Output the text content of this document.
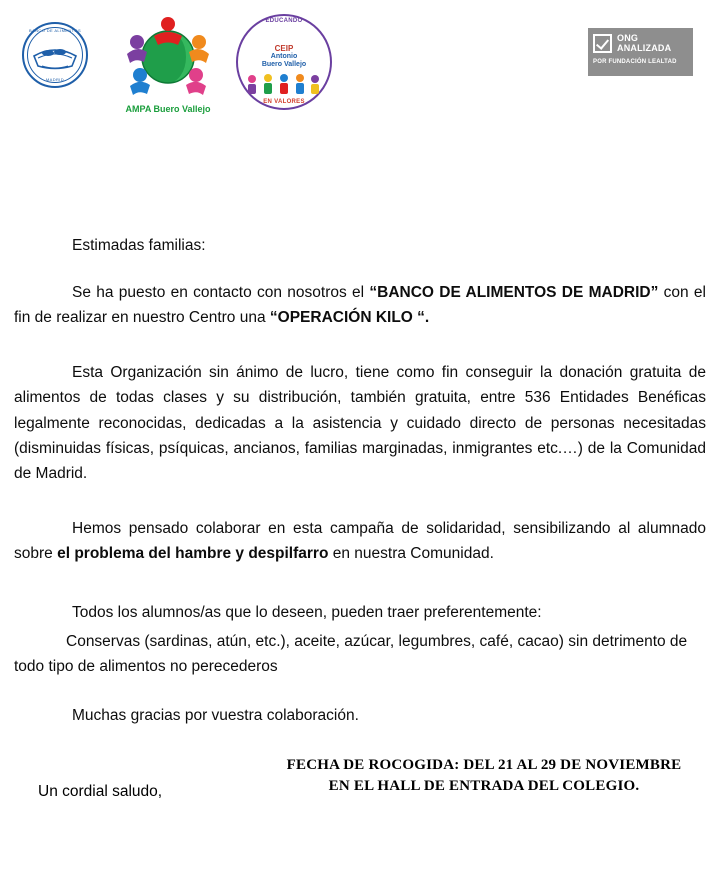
BANCO DE ALIMENTOS
MADRID
AMPA Buero Vallejo
EDUCANDO
CEIP
Antonio
Buero Vallejo
EN VALORES
ONG
ANALIZADA
POR FUNDACIÓN LEALTAD

Estimadas familias:

Se ha puesto en contacto con nosotros el “BANCO DE ALIMENTOS DE MADRID” con el fin de realizar en nuestro Centro una “OPERACIÓN KILO “.

Esta Organización sin ánimo de lucro, tiene como fin conseguir la donación gratuita de alimentos de todas clases y su distribución, también gratuita, entre 536 Entidades Benéficas legalmente reconocidas, dedicadas a la asistencia y cuidado directo de personas necesitadas (disminuidas físicas, psíquicas, ancianos, familias marginadas, inmigrantes etc.…) de la Comunidad de Madrid.

Hemos pensado colaborar en esta campaña de solidaridad, sensibilizando al alumnado sobre el problema del hambre y despilfarro en nuestra Comunidad.

Todos los alumnos/as que lo deseen, pueden traer preferentemente:

Conservas (sardinas, atún, etc.), aceite, azúcar, legumbres, café, cacao) sin detrimento de todo tipo de alimentos no perecederos

Muchas gracias por vuestra colaboración.

Un cordial saludo,
FECHA DE ROCOGIDA: DEL 21 AL 29 DE NOVIEMBRE
EN EL HALL DE ENTRADA DEL COLEGIO.
